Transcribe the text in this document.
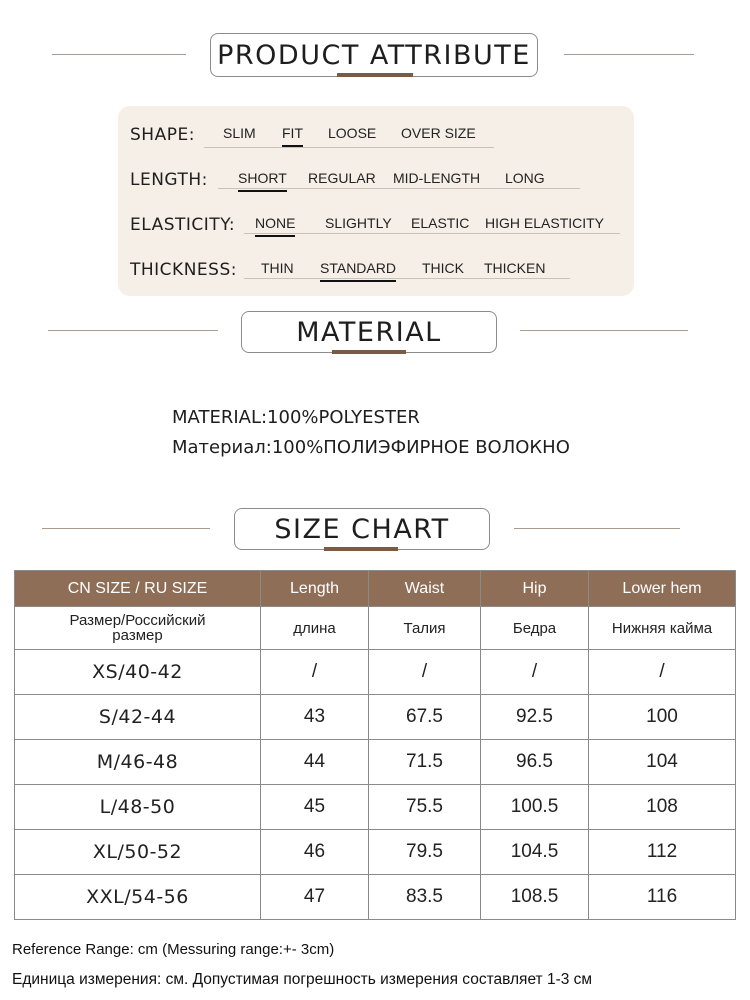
PRODUCT ATTRIBUTE
SHAPE: SLIM FIT LOOSE OVER SIZE
LENGTH: SHORT REGULAR MID-LENGTH LONG
ELASTICITY: NONE SLIGHTLY ELASTIC HIGH ELASTICITY
THICKNESS: THIN STANDARD THICK THICKEN
MATERIAL
MATERIAL:100%POLYESTER
Материал:100%ПОЛИЭФИРНОЕ ВОЛОКНО
SIZE CHART
CN SIZE / RU SIZE	Length	Waist	Hip	Lower hem
Размер/Российский размер	длина	Талия	Бедра	Нижняя кайма
XS/40-42	/	/	/	/
S/42-44	43	67.5	92.5	100
M/46-48	44	71.5	96.5	104
L/48-50	45	75.5	100.5	108
XL/50-52	46	79.5	104.5	112
XXL/54-56	47	83.5	108.5	116
Reference Range: cm (Messuring range:+- 3cm)
Единица измерения: см. Допустимая погрешность измерения составляет 1-3 см
